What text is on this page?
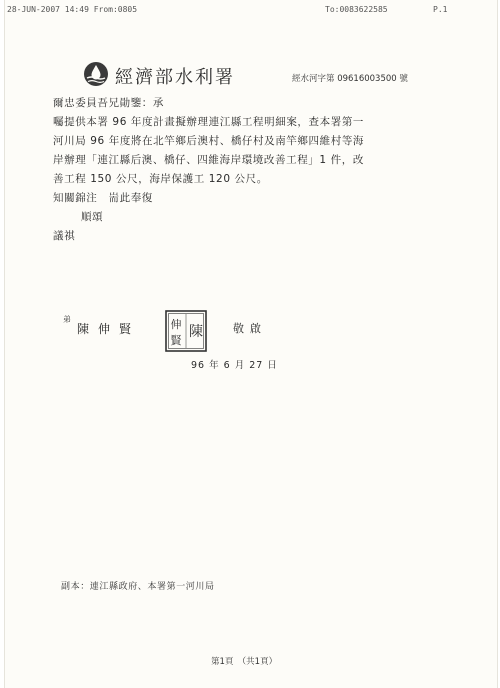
28-JUN-2007 14:49 From:0805	To:0083622585	P.1
經濟部水利署	經水河字第 09616003500 號

爾忠委員吾兄勛鑒：承

囑提供本署 96 年度計畫擬辦理連江縣工程明細案，查本署第一

河川局 96 年度將在北竿鄉后澳村、橋仔村及南竿鄉四維村等海

岸辦理「連江縣后澳、橋仔、四維海岸環境改善工程」1 件，改

善工程 150 公尺，海岸保護工 120 公尺。

知關錦注　耑此奉復

順頌

議祺

弟
陳伸賢	伸
賢
陳	敬啟
96 年 6 月 27 日
副本：連江縣政府、本署第一河川局
第1頁　（共1頁）
